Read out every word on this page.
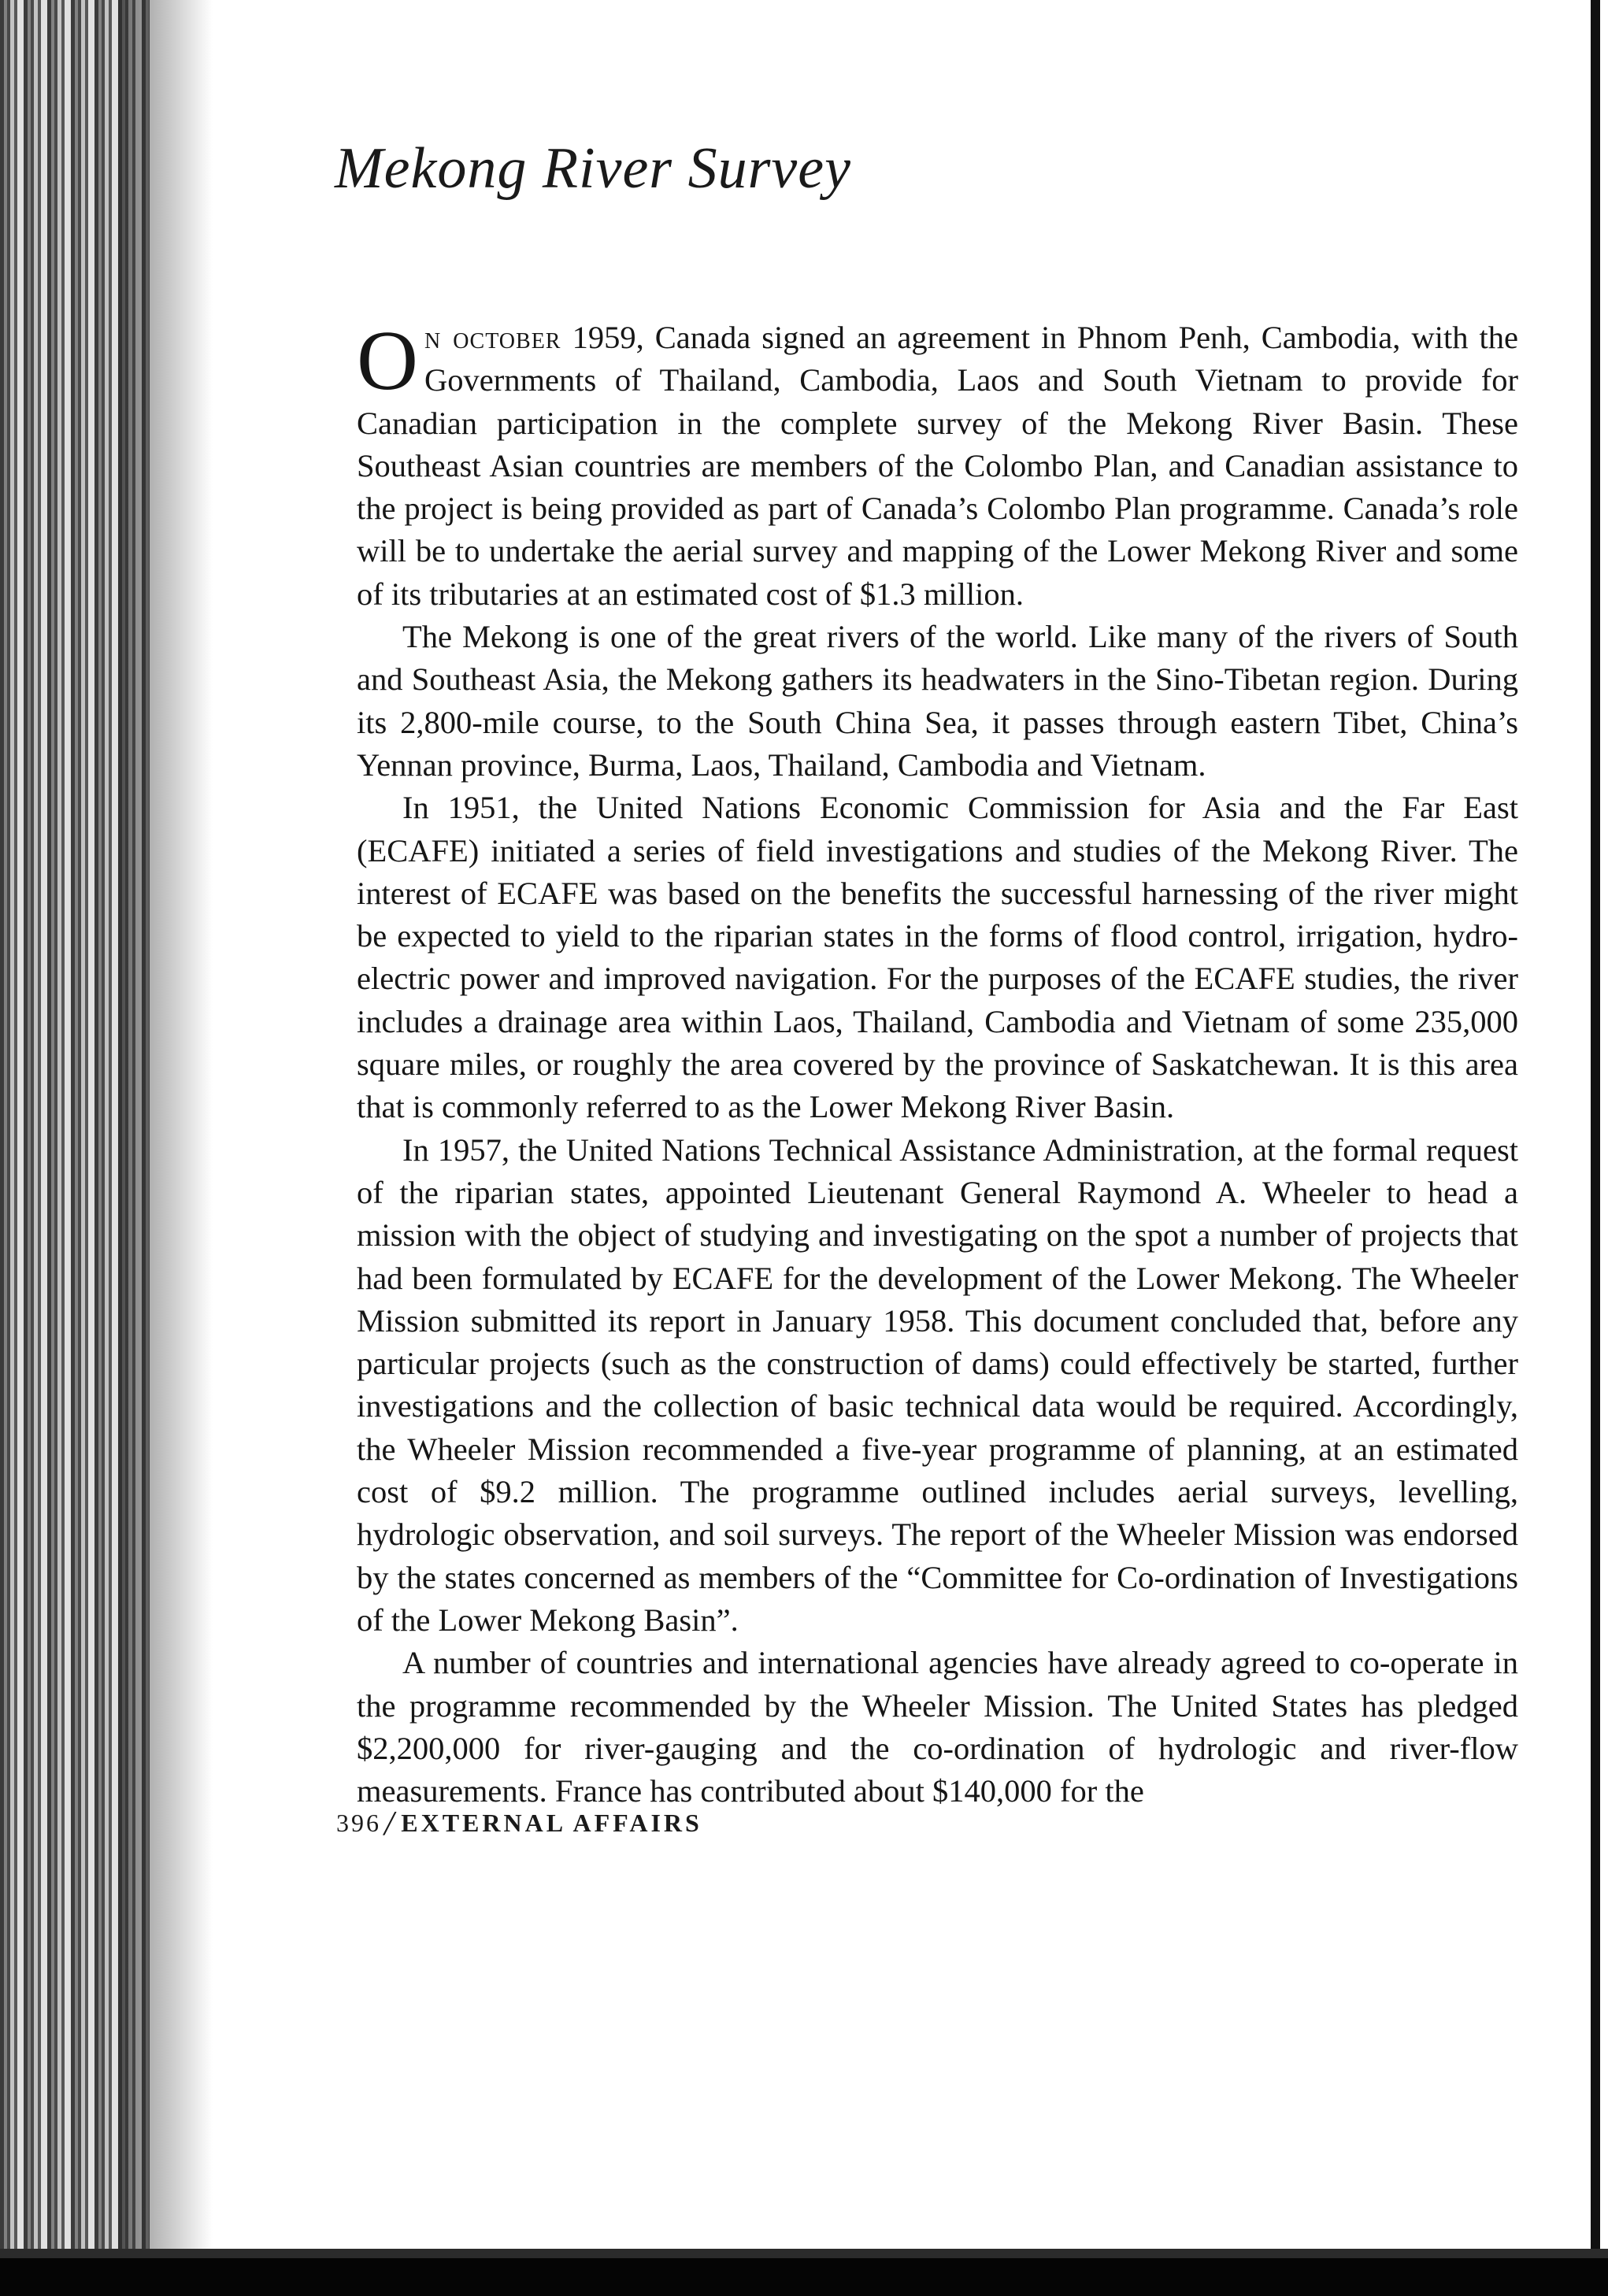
Mekong River Survey

On october 1959, Canada signed an agreement in Phnom Penh, Cambodia, with the Governments of Thailand, Cambodia, Laos and South Vietnam to provide for Canadian participation in the complete survey of the Mekong River Basin. These Southeast Asian countries are members of the Colombo Plan, and Canadian assistance to the project is being provided as part of Canada’s Colombo Plan programme. Canada’s role will be to undertake the aerial survey and mapping of the Lower Mekong River and some of its tributaries at an estimated cost of $1.3 million.

The Mekong is one of the great rivers of the world. Like many of the rivers of South and Southeast Asia, the Mekong gathers its headwaters in the Sino-Tibetan region. During its 2,800-mile course, to the South China Sea, it passes through eastern Tibet, China’s Yennan province, Burma, Laos, Thailand, Cambodia and Vietnam.

In 1951, the United Nations Economic Commission for Asia and the Far East (ECAFE) initiated a series of field investigations and studies of the Mekong River. The interest of ECAFE was based on the benefits the successful harnessing of the river might be expected to yield to the riparian states in the forms of flood control, irrigation, hydro-electric power and improved navigation. For the purposes of the ECAFE studies, the river includes a drainage area within Laos, Thailand, Cambodia and Vietnam of some 235,000 square miles, or roughly the area covered by the province of Saskatchewan. It is this area that is commonly referred to as the Lower Mekong River Basin.

In 1957, the United Nations Technical Assistance Administration, at the formal request of the riparian states, appointed Lieutenant General Raymond A. Wheeler to head a mission with the object of studying and investigating on the spot a number of projects that had been formulated by ECAFE for the development of the Lower Mekong. The Wheeler Mission submitted its report in January 1958. This document concluded that, before any particular projects (such as the construction of dams) could effectively be started, further investigations and the collection of basic technical data would be required. Accordingly, the Wheeler Mission recommended a five-year programme of planning, at an estimated cost of $9.2 million. The programme outlined includes aerial surveys, levelling, hydrologic observation, and soil surveys. The report of the Wheeler Mission was endorsed by the states concerned as members of the “Committee for Co-ordination of Investigations of the Lower Mekong Basin”.

A number of countries and international agencies have already agreed to co-operate in the programme recommended by the Wheeler Mission. The United States has pledged $2,200,000 for river-gauging and the co-ordination of hydrologic and river-flow measurements. France has contributed about $140,000 for the

396/ EXTERNAL AFFAIRS
